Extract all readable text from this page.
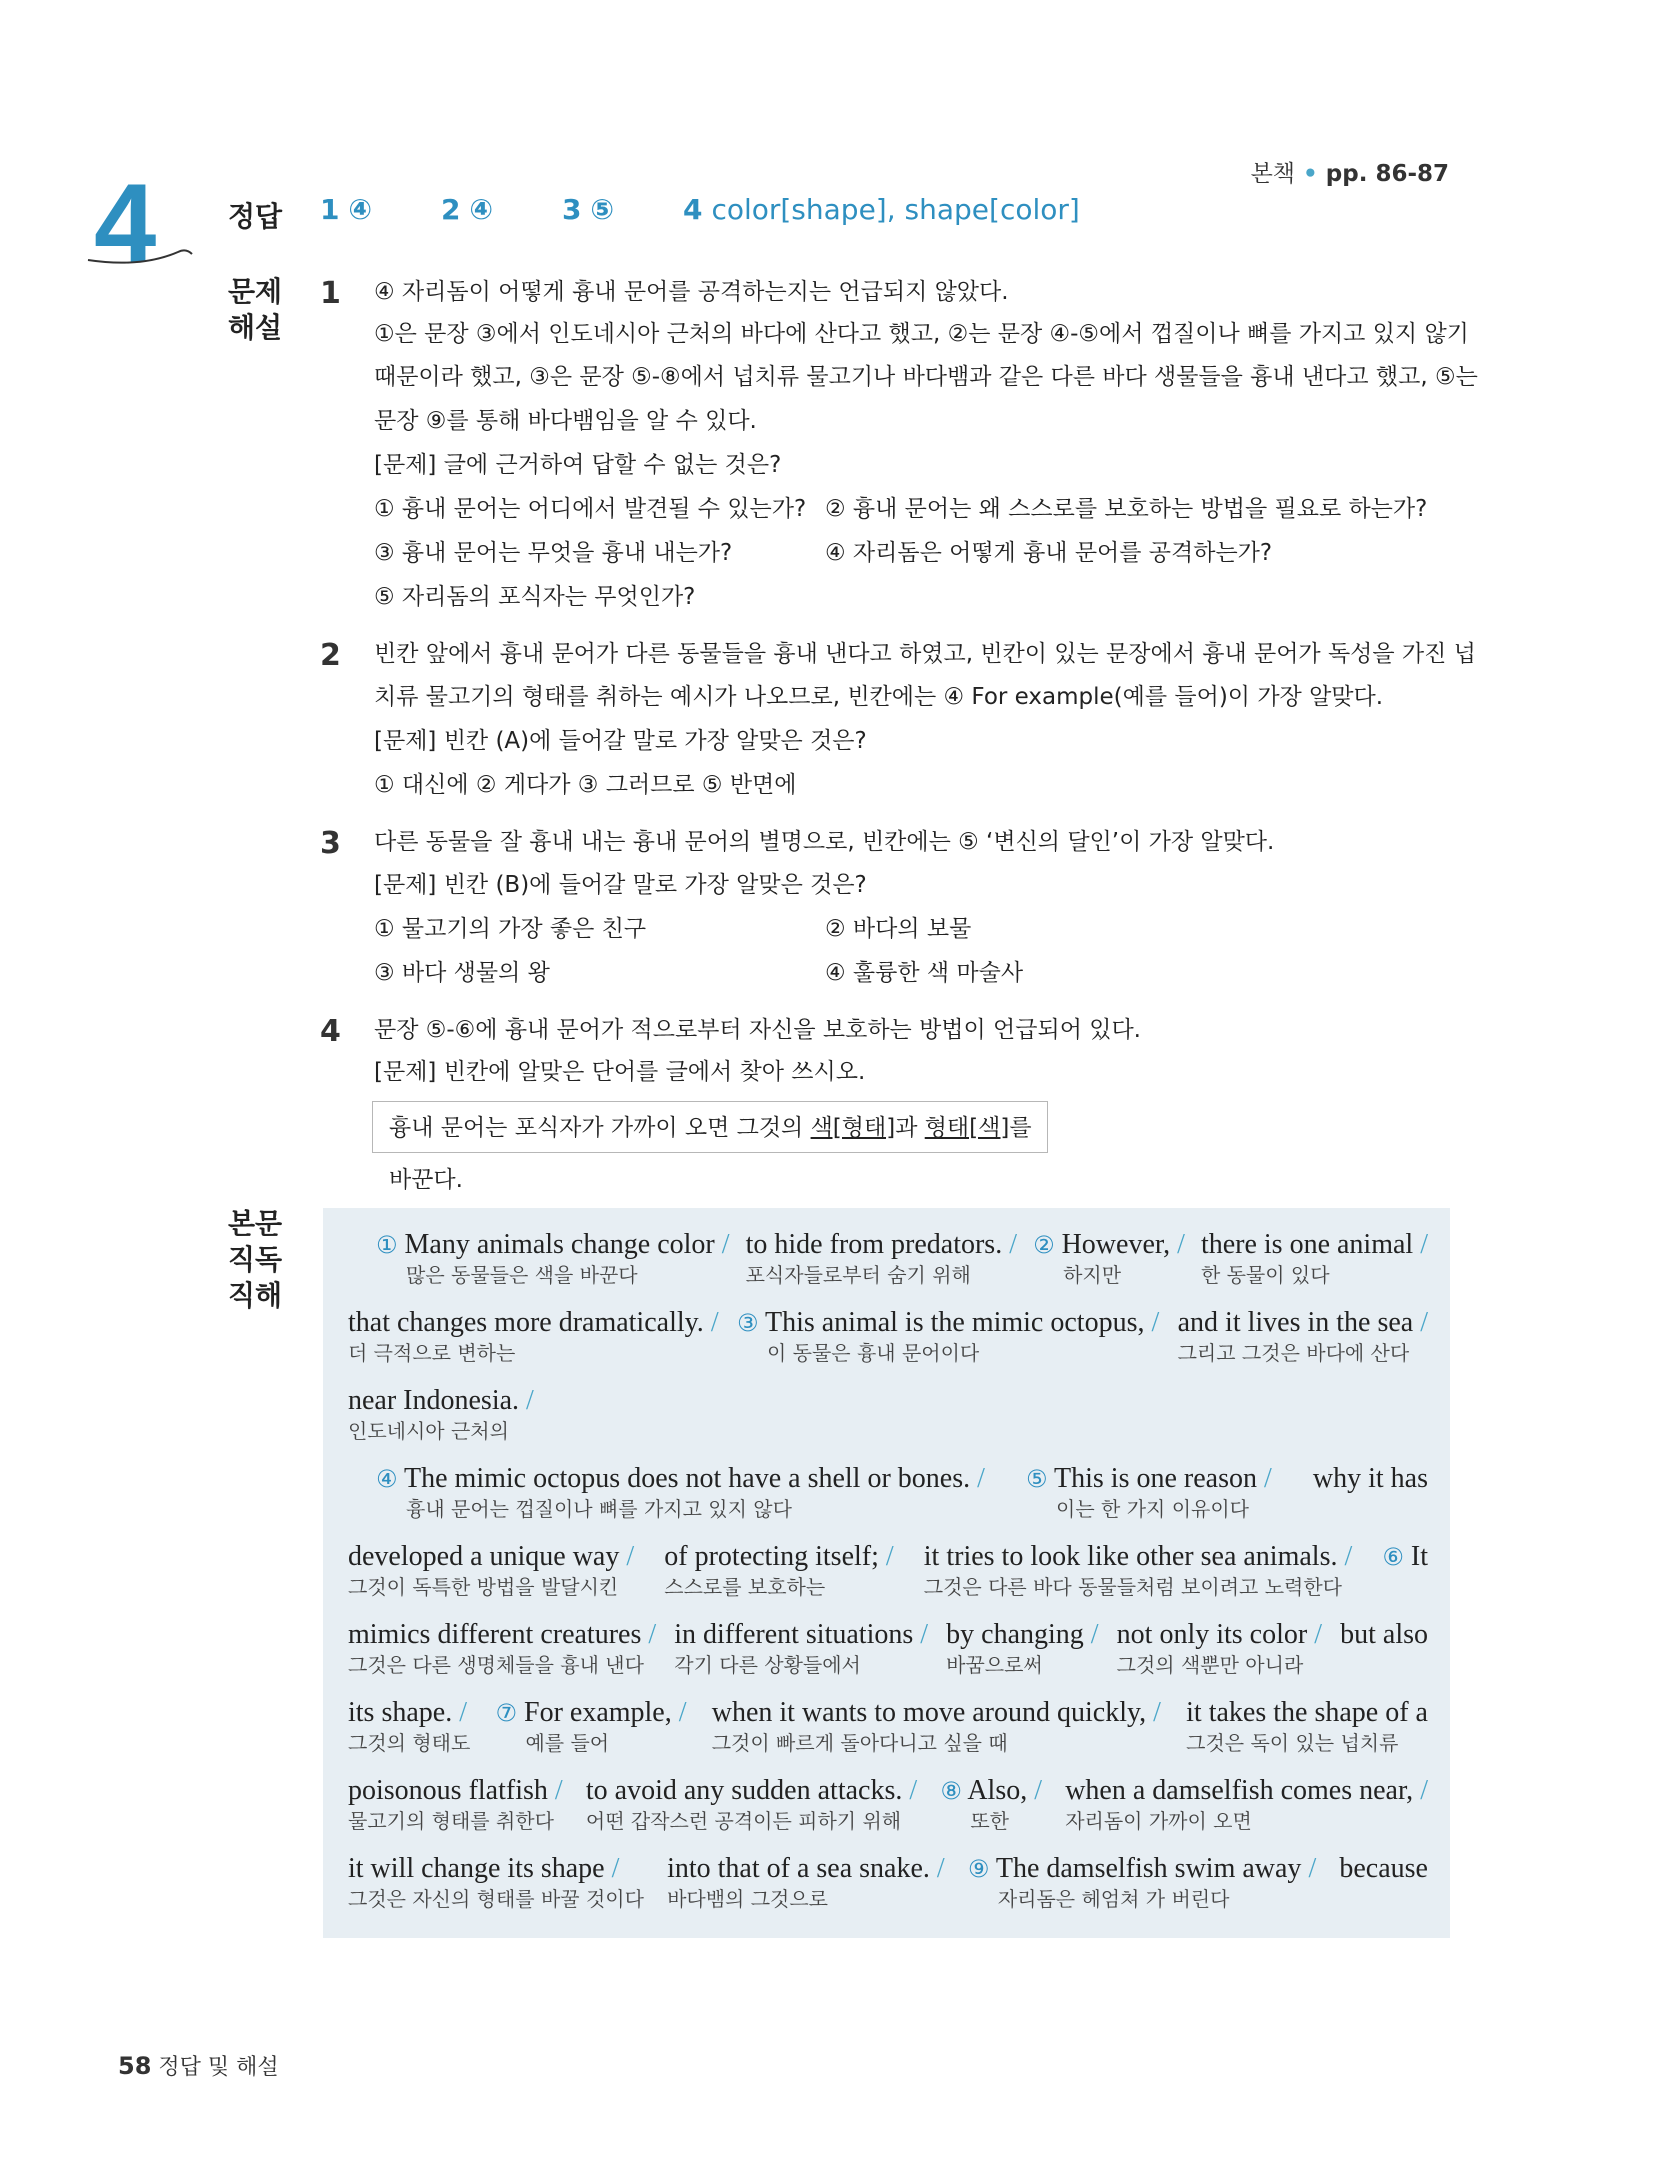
본책 • pp. 86-87
4	정답 1 ④ 2 ④ 3 ⑤ 4 color[shape], shape[color]
문제
해설
본문
직독
직해
1 ④ 자리돔이 어떻게 흉내 문어를 공격하는지는 언급되지 않았다.
①은 문장 ③에서 인도네시아 근처의 바다에 산다고 했고, ②는 문장 ④-⑤에서 껍질이나 뼈를 가지고 있지 않기
때문이라 했고, ③은 문장 ⑤-⑧에서 넙치류 물고기나 바다뱀과 같은 다른 바다 생물들을 흉내 낸다고 했고, ⑤는
문장 ⑨를 통해 바다뱀임을 알 수 있다.
[문제] 글에 근거하여 답할 수 없는 것은?
① 흉내 문어는 어디에서 발견될 수 있는가? ② 흉내 문어는 왜 스스로를 보호하는 방법을 필요로 하는가?
③ 흉내 문어는 무엇을 흉내 내는가?	④ 자리돔은 어떻게 흉내 문어를 공격하는가?
⑤ 자리돔의 포식자는 무엇인가?
2 빈칸 앞에서 흉내 문어가 다른 동물들을 흉내 낸다고 하였고, 빈칸이 있는 문장에서 흉내 문어가 독성을 가진 넙
치류 물고기의 형태를 취하는 예시가 나오므로, 빈칸에는 ④ For example(예를 들어)이 가장 알맞다.
[문제] 빈칸 (A)에 들어갈 말로 가장 알맞은 것은?
① 대신에 ② 게다가 ③ 그러므로 ⑤ 반면에
3 다른 동물을 잘 흉내 내는 흉내 문어의 별명으로, 빈칸에는 ⑤ ‘변신의 달인’이 가장 알맞다.
[문제] 빈칸 (B)에 들어갈 말로 가장 알맞은 것은?
① 물고기의 가장 좋은 친구	② 바다의 보물
③ 바다 생물의 왕	④ 훌륭한 색 마술사
4 문장 ⑤-⑥에 흉내 문어가 적으로부터 자신을 보호하는 방법이 언급되어 있다.
[문제] 빈칸에 알맞은 단어를 글에서 찾아 쓰시오.
흉내 문어는 포식자가 가까이 오면 그것의 색[형태]과 형태[색]를 바꾼다.
① Many animals change color /
많은 동물들은 색을 바꾼다
to hide from predators. /
포식자들로부터 숨기 위해
② However, /
하지만
there is one animal /
한 동물이 있다
that changes more dramatically. /
더 극적으로 변하는
③ This animal is the mimic octopus, /
이 동물은 흉내 문어이다
and it lives in the sea /
그리고 그것은 바다에 산다
near Indonesia. /
인도네시아 근처의
④ The mimic octopus does not have a shell or bones. /
흉내 문어는 껍질이나 뼈를 가지고 있지 않다
⑤ This is one reason /
이는 한 가지 이유이다
why it has
developed a unique way /
그것이 독특한 방법을 발달시킨
of protecting itself; /
스스로를 보호하는
it tries to look like other sea animals. /
그것은 다른 바다 동물들처럼 보이려고 노력한다
⑥ It
mimics different creatures /
그것은 다른 생명체들을 흉내 낸다
in different situations /
각기 다른 상황들에서
by changing /
바꿈으로써
not only its color /
그것의 색뿐만 아니라
but also
its shape. /
그것의 형태도
⑦ For example, /
예를 들어
when it wants to move around quickly, /
그것이 빠르게 돌아다니고 싶을 때
it takes the shape of a
그것은 독이 있는 넙치류
poisonous flatfish /
물고기의 형태를 취한다
to avoid any sudden attacks. /
어떤 갑작스런 공격이든 피하기 위해
⑧ Also, /
또한
when a damselfish comes near, /
자리돔이 가까이 오면
it will change its shape /
그것은 자신의 형태를 바꿀 것이다
into that of a sea snake. /
바다뱀의 그것으로
⑨ The damselfish swim away /
자리돔은 헤엄쳐 가 버린다
because
58 정답 및 해설
